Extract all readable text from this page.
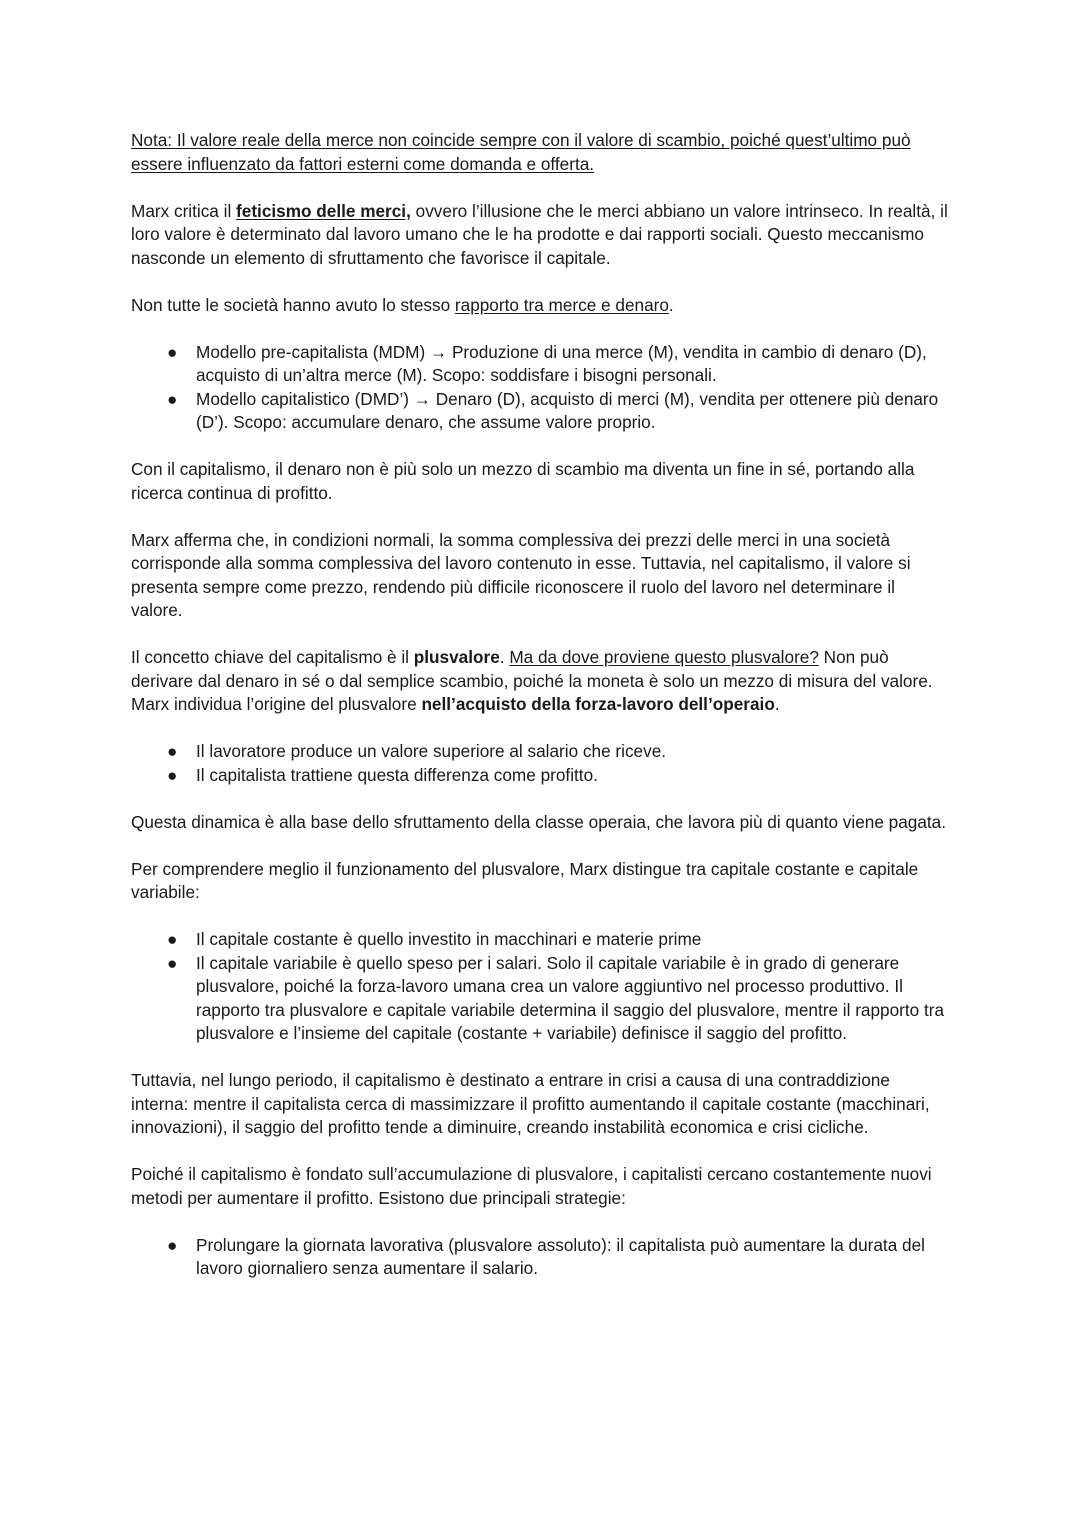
Nota: Il valore reale della merce non coincide sempre con il valore di scambio, poiché quest’ultimo può essere influenzato da fattori esterni come domanda e offerta.

Marx critica il feticismo delle merci, ovvero l’illusione che le merci abbiano un valore intrinseco. In realtà, il loro valore è determinato dal lavoro umano che le ha prodotte e dai rapporti sociali. Questo meccanismo nasconde un elemento di sfruttamento che favorisce il capitale.

Non tutte le società hanno avuto lo stesso rapporto tra merce e denaro.

● Modello pre-capitalista (MDM) → Produzione di una merce (M), vendita in cambio di denaro (D), acquisto di un’altra merce (M). Scopo: soddisfare i bisogni personali.
● Modello capitalistico (DMD’) → Denaro (D), acquisto di merci (M), vendita per ottenere più denaro (D’). Scopo: accumulare denaro, che assume valore proprio.

Con il capitalismo, il denaro non è più solo un mezzo di scambio ma diventa un fine in sé, portando alla ricerca continua di profitto.

Marx afferma che, in condizioni normali, la somma complessiva dei prezzi delle merci in una società corrisponde alla somma complessiva del lavoro contenuto in esse. Tuttavia, nel capitalismo, il valore si presenta sempre come prezzo, rendendo più difficile riconoscere il ruolo del lavoro nel determinare il valore.

Il concetto chiave del capitalismo è il plusvalore. Ma da dove proviene questo plusvalore? Non può derivare dal denaro in sé o dal semplice scambio, poiché la moneta è solo un mezzo di misura del valore. Marx individua l’origine del plusvalore nell’acquisto della forza-lavoro dell’operaio.

● Il lavoratore produce un valore superiore al salario che riceve.
● Il capitalista trattiene questa differenza come profitto.

Questa dinamica è alla base dello sfruttamento della classe operaia, che lavora più di quanto viene pagata.

Per comprendere meglio il funzionamento del plusvalore, Marx distingue tra capitale costante e capitale variabile:

● Il capitale costante è quello investito in macchinari e materie prime
● Il capitale variabile è quello speso per i salari. Solo il capitale variabile è in grado di generare plusvalore, poiché la forza-lavoro umana crea un valore aggiuntivo nel processo produttivo. Il rapporto tra plusvalore e capitale variabile determina il saggio del plusvalore, mentre il rapporto tra plusvalore e l’insieme del capitale (costante + variabile) definisce il saggio del profitto.

Tuttavia, nel lungo periodo, il capitalismo è destinato a entrare in crisi a causa di una contraddizione interna: mentre il capitalista cerca di massimizzare il profitto aumentando il capitale costante (macchinari, innovazioni), il saggio del profitto tende a diminuire, creando instabilità economica e crisi cicliche.

Poiché il capitalismo è fondato sull’accumulazione di plusvalore, i capitalisti cercano costantemente nuovi metodi per aumentare il profitto. Esistono due principali strategie:

● Prolungare la giornata lavorativa (plusvalore assoluto): il capitalista può aumentare la durata del lavoro giornaliero senza aumentare il salario.
